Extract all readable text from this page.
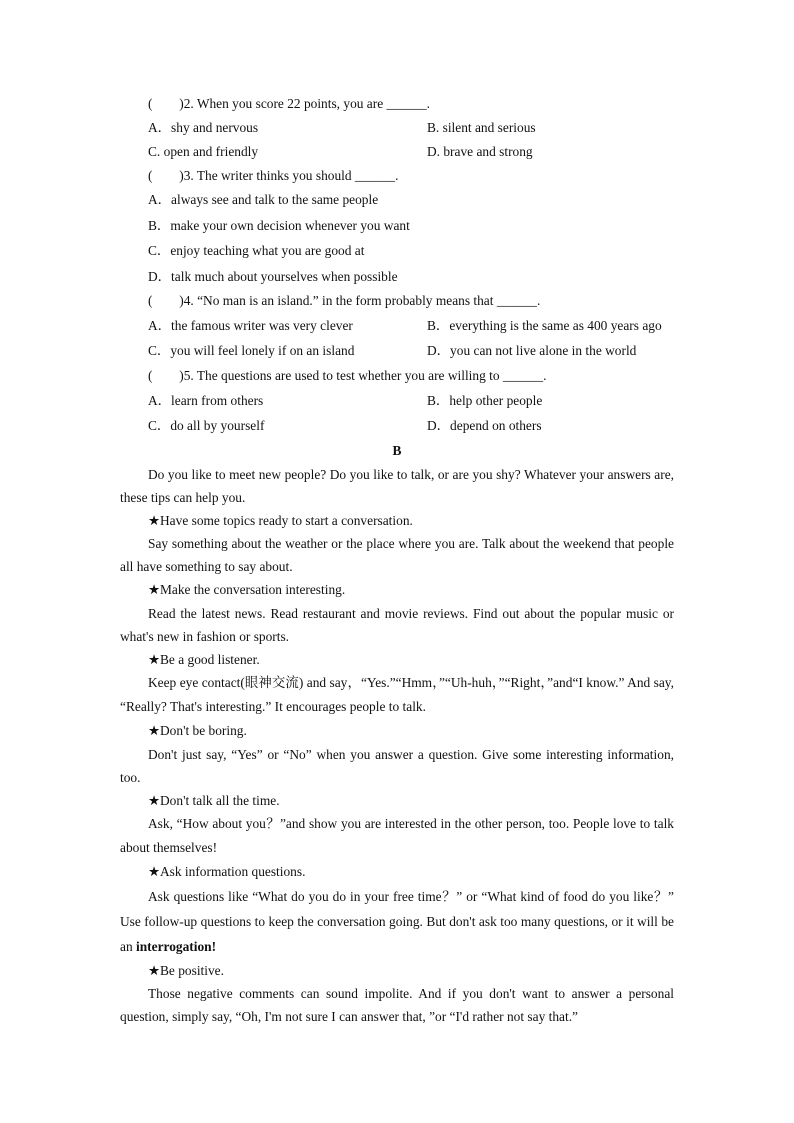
(　　)2. When you score 22 points, you are ______.
A．shy and nervous	B. silent and serious
C. open and friendly	D. brave and strong
(　　)3. The writer thinks you should ______.
A．always see and talk to the same people
B．make your own decision whenever you want
C．enjoy teaching what you are good at
D．talk much about yourselves when possible
(　　)4. “No man is an island.” in the form probably means that ______.
A．the famous writer was very clever	B．everything is the same as 400 years ago
C．you will feel lonely if on an island	D．you can not live alone in the world
(　　)5. The questions are used to test whether you are willing to ______.
A．learn from others	B．help other people
C．do all by yourself	D．depend on others
B

Do you like to meet new people? Do you like to talk, or are you shy? Whatever your answers are, these tips can help you.

★Have some topics ready to start a conversation.

Say something about the weather or the place where you are. Talk about the weekend that people all have something to say about.

★Make the conversation interesting.

Read the latest news. Read restaurant and movie reviews. Find out about the popular music or what's new in fashion or sports.

★Be a good listener.

Keep eye contact(眼神交流) and say，“Yes.”“Hmm，”“Uh-huh，”“Right，”and“I know.” And say, “Really? That's interesting.” It encourages people to talk.

★Don't be boring.

Don't just say, “Yes” or “No” when you answer a question. Give some interesting information, too.

★Don't talk all the time.

Ask, “How about you？”and show you are interested in the other person, too. People love to talk about themselves!

★Ask information questions.

Ask questions like “What do you do in your free time？” or “What kind of food do you like？” Use follow-up questions to keep the conversation going. But don't ask too many questions, or it will be an interrogation!

★Be positive.

Those negative comments can sound impolite. And if you don't want to answer a personal question, simply say, “Oh, I'm not sure I can answer that, ”or “I'd rather not say that.”
